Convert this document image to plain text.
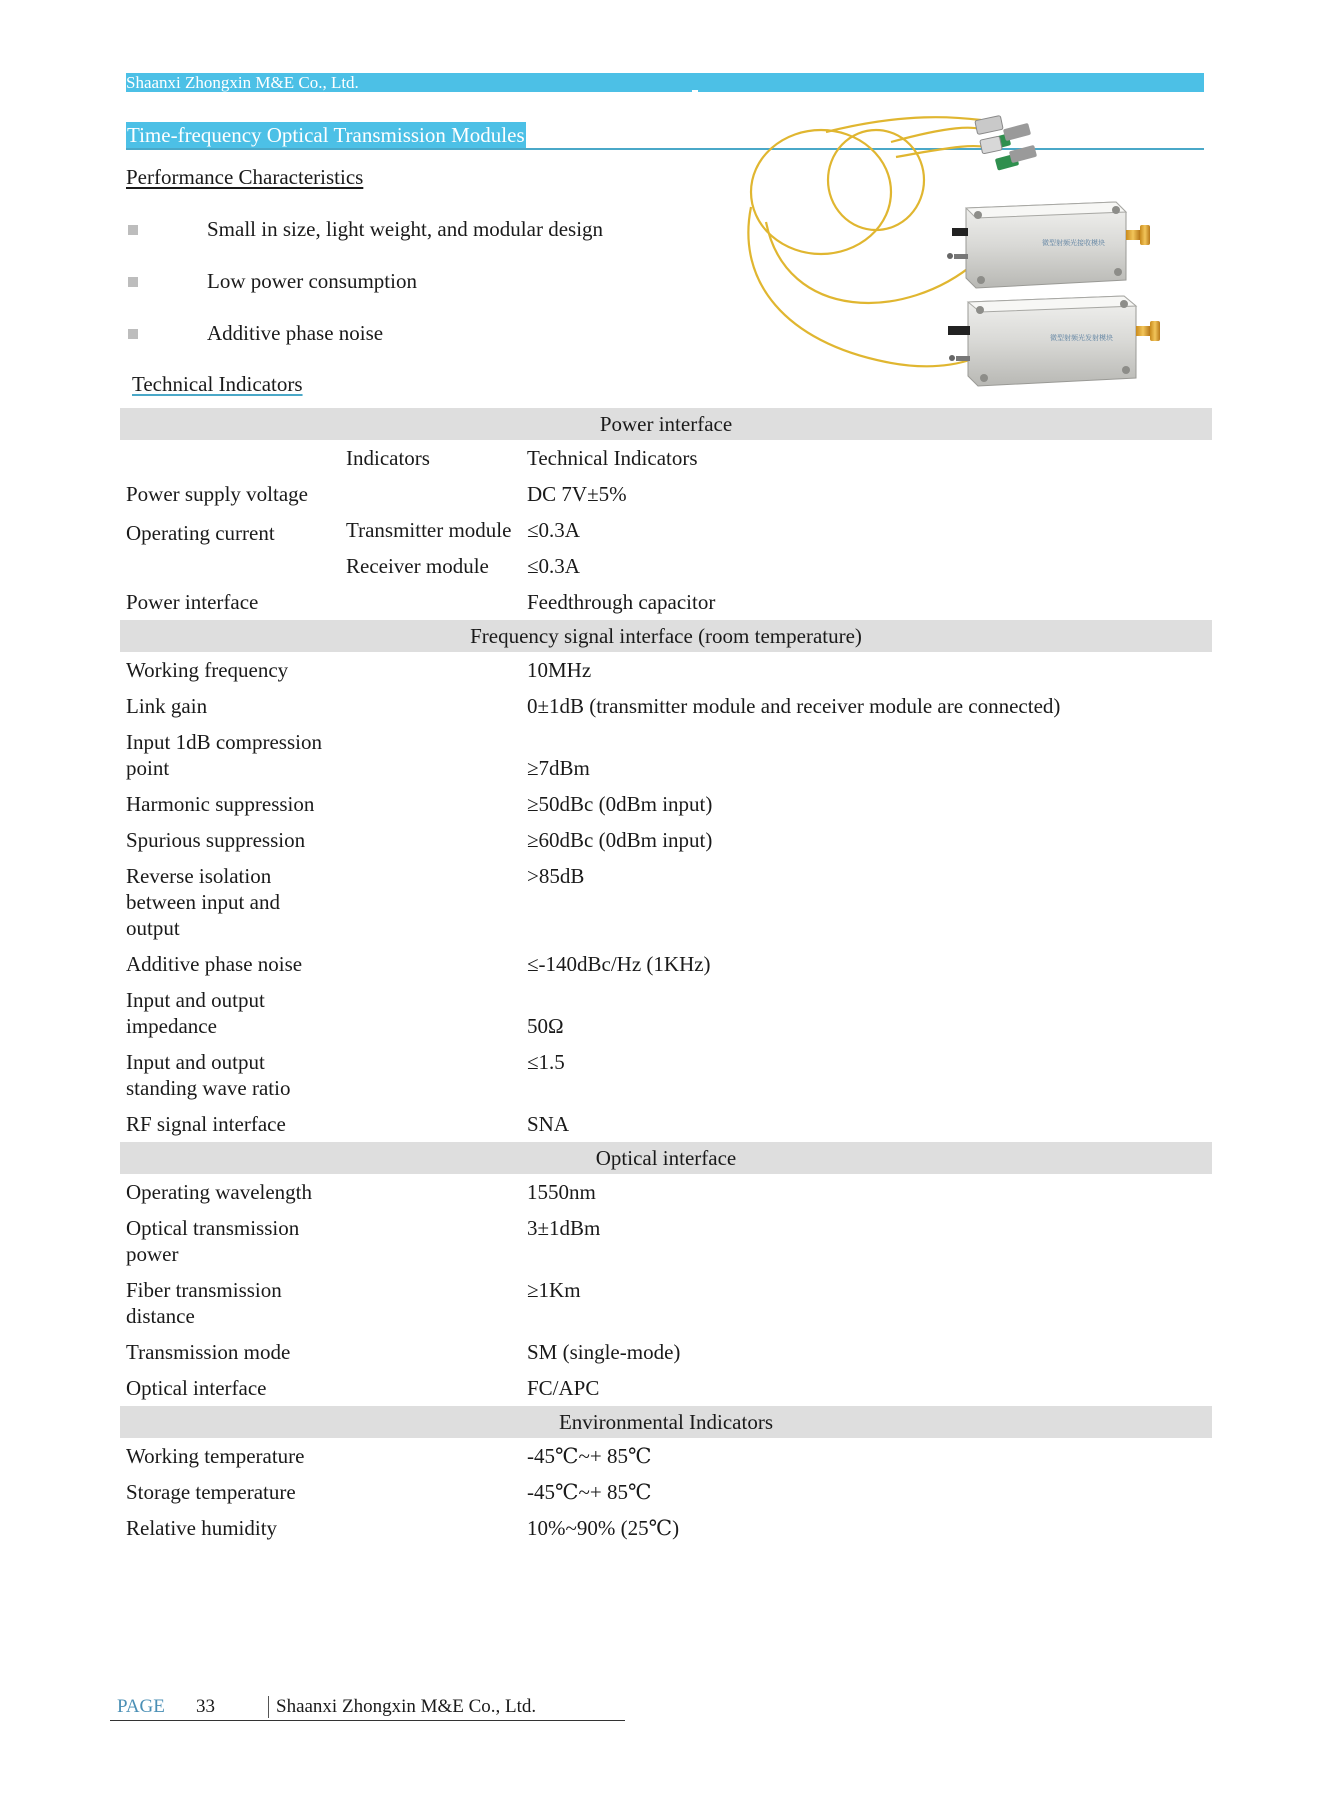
Shaanxi Zhongxin M&E Co., Ltd.
Time-frequency Optical Transmission Modules
Performance Characteristics
Small in size, light weight, and modular design
Low power consumption
Additive phase noise
Technical Indicators
微型射频光接收模块
微型射频光发射模块
Power interface		
	Indicators	Technical Indicators
Power supply voltage		DC 7V±5%
Operating current	Transmitter module	≤0.3A
	Receiver module	≤0.3A
Power interface		Feedthrough capacitor
Frequency signal interface (room temperature)		
Working frequency		10MHz
Link gain		0±1dB (transmitter module and receiver module are connected)
Input 1dB compression point		≥7dBm
Harmonic suppression		≥50dBc (0dBm input)
Spurious suppression		≥60dBc (0dBm input)
Reverse isolation between input and output		>85dB
Additive phase noise		≤-140dBc/Hz (1KHz)
Input and output impedance		50Ω
Input and output standing wave ratio		≤1.5
RF signal interface		SNA
Optical interface		
Operating wavelength		1550nm
Optical transmission power		3±1dBm
Fiber transmission distance		≥1Km
Transmission mode		SM (single-mode)
Optical interface		FC/APC
Environmental Indicators		
Working temperature		-45℃~+ 85℃
Storage temperature		-45℃~+ 85℃
Relative humidity		10%~90% (25℃)
PAGE 33	Shaanxi Zhongxin M&E Co., Ltd.
